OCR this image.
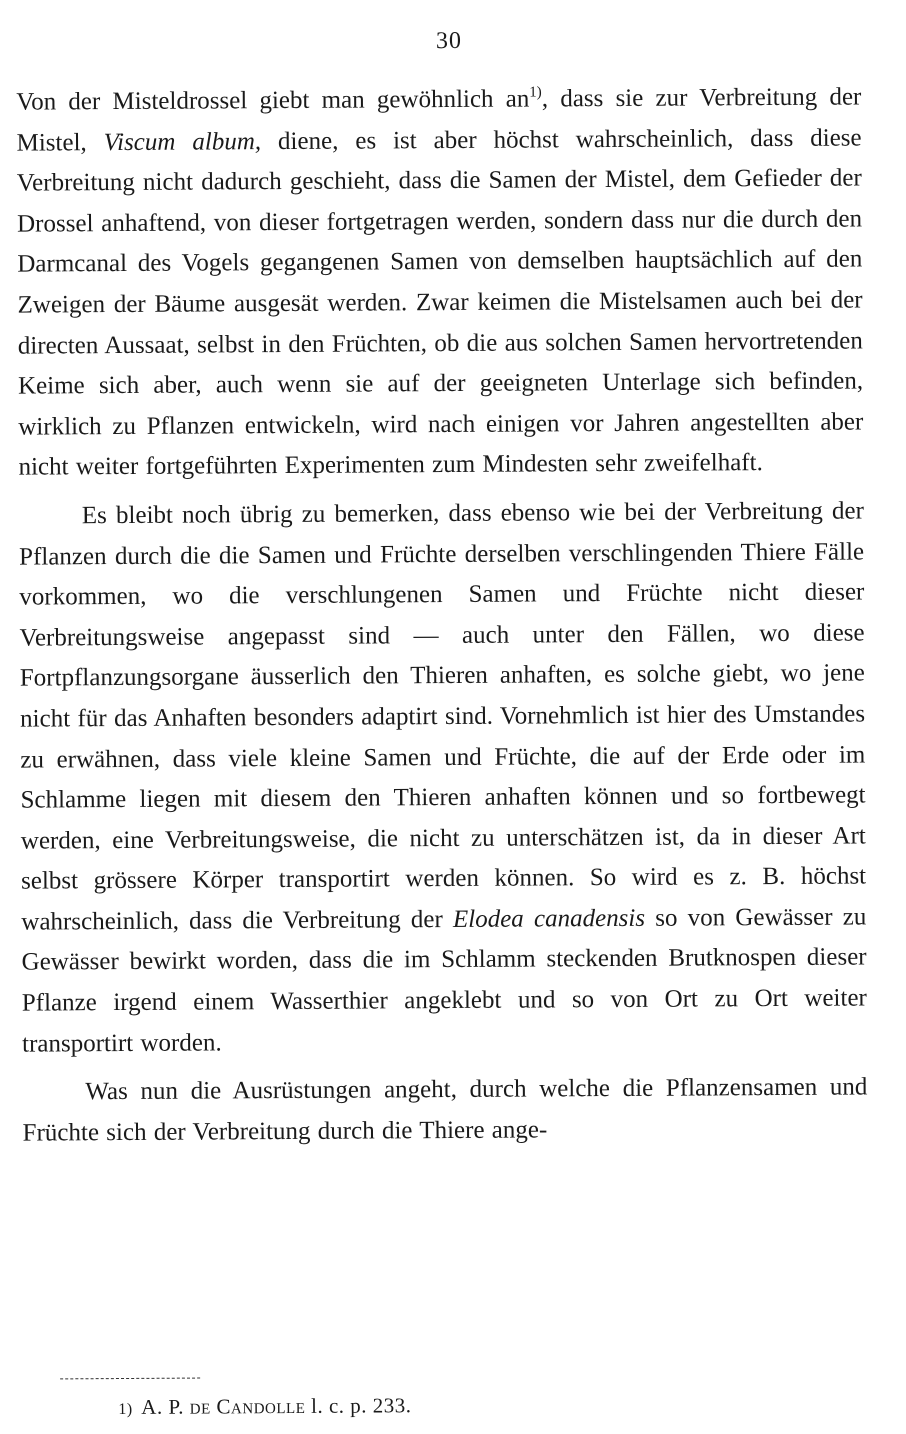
30

Von der Misteldrossel giebt man gewöhnlich an$^{1)}$, dass sie zur Verbreitung der Mistel, Viscum album, diene, es ist aber höchst wahrscheinlich, dass diese Verbreitung nicht dadurch geschieht, dass die Samen der Mistel, dem Gefieder der Drossel anhaftend, von dieser fortgetragen werden, sondern dass nur die durch den Darmcanal des Vogels gegangenen Samen von demselben hauptsächlich auf den Zweigen der Bäume ausgesät werden. Zwar keimen die Mistelsamen auch bei der directen Aussaat, selbst in den Früchten, ob die aus solchen Samen hervortretenden Keime sich aber, auch wenn sie auf der geeigneten Unterlage sich befinden, wirklich zu Pflanzen entwickeln, wird nach einigen vor Jahren angestellten aber nicht weiter fortgeführten Experimenten zum Mindesten sehr zweifelhaft.

Es bleibt noch übrig zu bemerken, dass ebenso wie bei der Verbreitung der Pflanzen durch die die Samen und Früchte derselben verschlingenden Thiere Fälle vorkommen, wo die verschlungenen Samen und Früchte nicht dieser Verbreitungsweise angepasst sind — auch unter den Fällen, wo diese Fortpflanzungsorgane äusserlich den Thieren anhaften, es solche giebt, wo jene nicht für das Anhaften besonders adaptirt sind. Vornehmlich ist hier des Umstandes zu erwähnen, dass viele kleine Samen und Früchte, die auf der Erde oder im Schlamme liegen mit diesem den Thieren anhaften können und so fortbewegt werden, eine Verbreitungsweise, die nicht zu unterschätzen ist, da in dieser Art selbst grössere Körper transportirt werden können. So wird es z. B. höchst wahrscheinlich, dass die Verbreitung der Elodea canadensis so von Gewässer zu Gewässer bewirkt worden, dass die im Schlamm steckenden Brutknospen dieser Pflanze irgend einem Wasserthier angeklebt und so von Ort zu Ort weiter transportirt worden.

Was nun die Ausrüstungen angeht, durch welche die Pflanzensamen und Früchte sich der Verbreitung durch die Thiere ange-

1) A. P. de Candolle l. c. p. 233.
